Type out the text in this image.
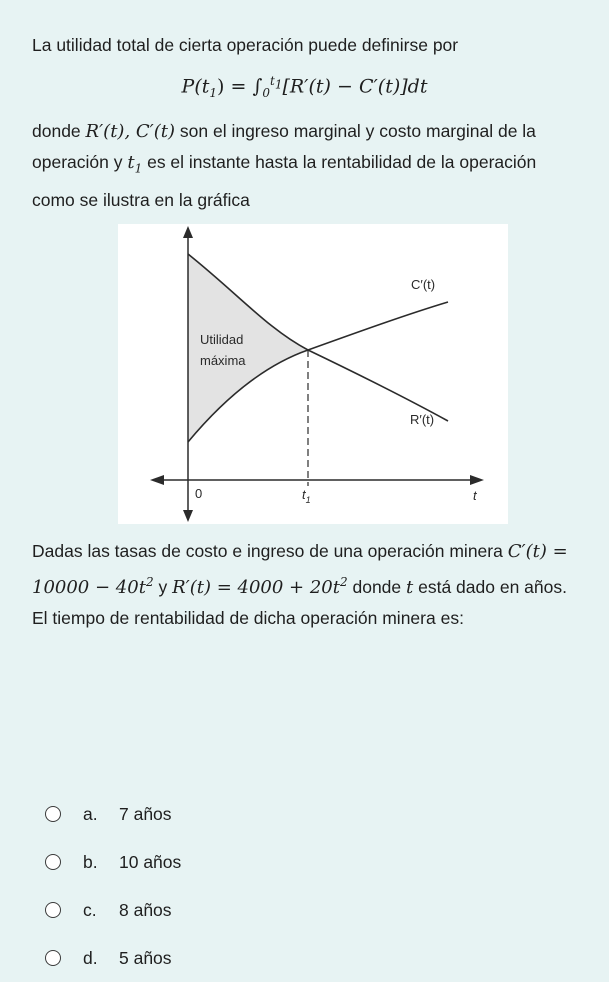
La utilidad total de cierta operación puede definirse por
$P(t_1) = \int_0^{t_1}[R'(t) - C'(t)]dt$
donde R′(t), C′(t) son el ingreso marginal y costo marginal de la operación y $t_1$ es el instante hasta la rentabilidad de la operación como se ilustra en la gráfica
C′(t)
R′(t)
Utilidad
máxima
0	$t_1$	t
Dadas las tasas de costo e ingreso de una operación minera $C'(t) = 10000 - 40t^2$ y $R'(t) = 4000 + 20t^2$ donde t está dado en años. El tiempo de rentabilidad de dicha operación minera es:
a.	7 años
b.	10 años
c.	8 años
d.	5 años
